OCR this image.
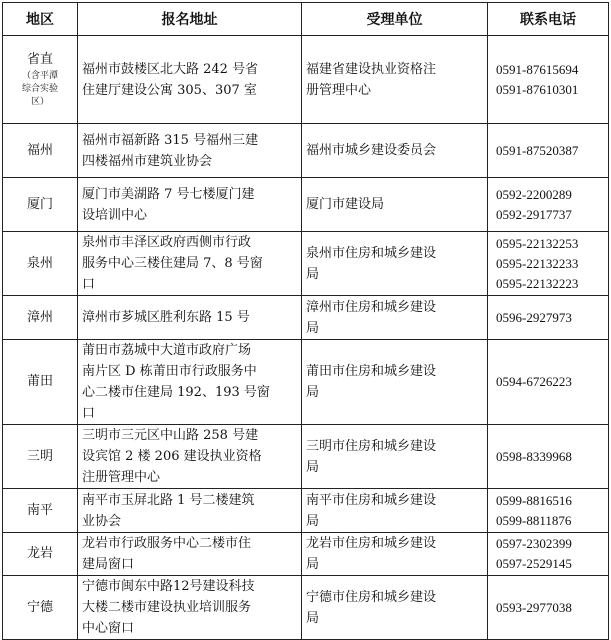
地区	报名地址	受理单位	联系电话

省直
（含平潭
综合实验
区）	福州市鼓楼区北大路 242 号省
住建厅建设公寓 305、307 室	福建省建设执业资格注
册管理中心	0591-87615694
0591-87610301

福州	福州市福新路 315 号福州三建
四楼福州市建筑业协会	福州市城乡建设委员会	0591-87520387

厦门	厦门市美湖路 7 号七楼厦门建
设培训中心	厦门市建设局	0592-2200289
0592-2917737

泉州	泉州市丰泽区政府西侧市行政
服务中心三楼住建局 7、8 号窗
口	泉州市住房和城乡建设
局	0595-22132253
0595-22132233
0595-22132223

漳州	漳州市芗城区胜利东路 15 号	漳州市住房和城乡建设
局	0596-2927973

莆田	莆田市荔城中大道市政府广场
南片区 D 栋莆田市行政服务中
心二楼市住建局 192、193 号窗
口	莆田市住房和城乡建设
局	0594-6726223

三明	三明市三元区中山路 258 号建
设宾馆 2 楼 206 建设执业资格
注册管理中心	三明市住房和城乡建设
局	0598-8339968

南平	南平市玉屏北路 1 号二楼建筑
业协会	南平市住房和城乡建设
局	0599-8816516
0599-8811876

龙岩	龙岩市行政服务中心二楼市住
建局窗口	龙岩市住房和城乡建设
局	0597-2302399
0597-2529145

宁德	宁德市闽东中路12号建设科技
大楼二楼市建设执业培训服务
中心窗口	宁德市住房和城乡建设
局	0593-2977038
